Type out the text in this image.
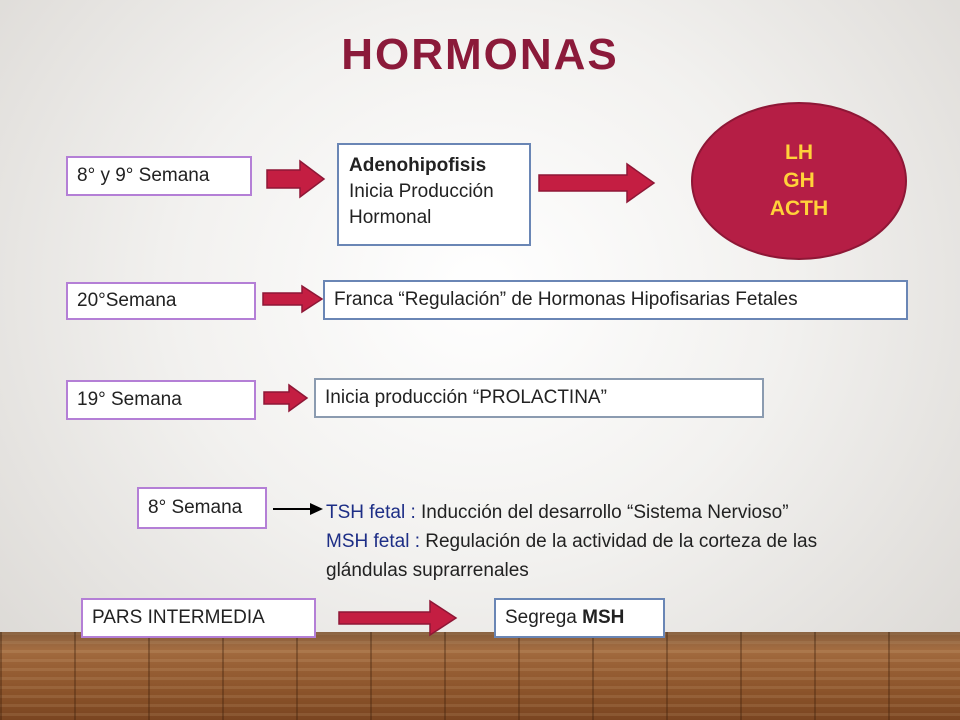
HORMONAS
8° y 9° Semana	Adenohipofisis
Inicia Producción
Hormonal
LH
GH
ACTH
20°Semana	Franca “Regulación” de Hormonas Hipofisarias Fetales
19° Semana	Inicia producción “PROLACTINA”
8° Semana	TSH fetal : Inducción del desarrollo “Sistema Nervioso”
MSH fetal : Regulación de la actividad de la corteza de las
glándulas suprarrenales
PARS INTERMEDIA	Segrega MSH
